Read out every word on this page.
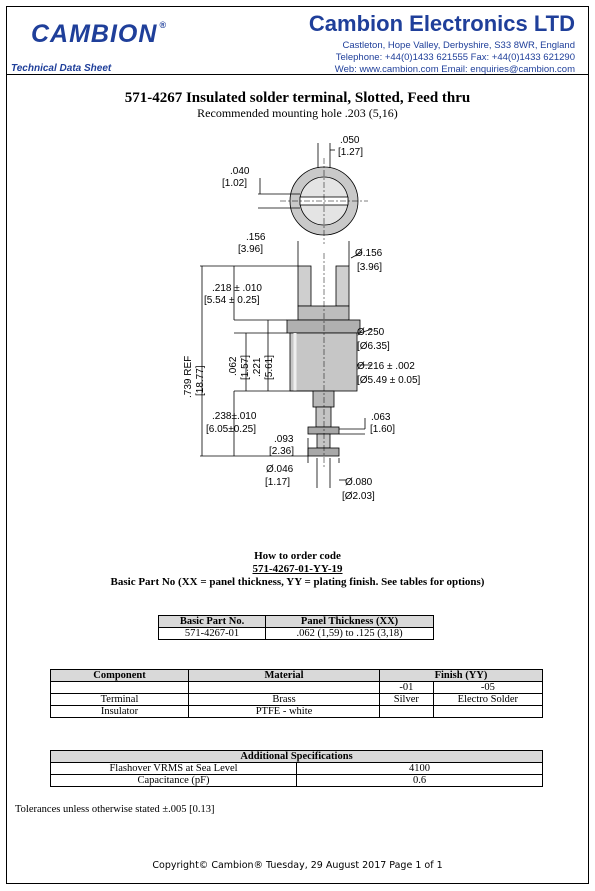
CAMBION ®
Technical Data Sheet
Cambion Electronics LTD
Castleton, Hope Valley, Derbyshire, S33 8WR, England
Telephone: +44(0)1433 621555 Fax: +44(0)1433 621290
Web: www.cambion.com Email: enquiries@cambion.com
571-4267 Insulated solder terminal, Slotted, Feed thru
Recommended mounting hole .203 (5,16)
.050
[1.27]
.040
[1.02]
.156
[3.96]	Ø.156
[3.96]
.218 ± .010
[5.54 ± 0.25]
Ø.250
[Ø6.35]
Ø.216 ± .002
[Ø5.49 ± 0.05]
.739 REF [18.77] .062 [1.57] .221 [5.61]
.238±.010
[6.05±0.25]
.063
[1.60]
.093
[2.36]
Ø.046
[1.17]	Ø.080
[Ø2.03]
How to order code
571-4267-01-YY-19
Basic Part No (XX = panel thickness, YY = plating finish. See tables for options)
Basic Part No.	Panel Thickness (XX)
571-4267-01	.062 (1,59) to .125 (3,18)
Component	Material	Finish (YY)	
		-01	-05
Terminal	Brass	Silver	Electro Solder
Insulator	PTFE - white		
Additional Specifications	
Flashover VRMS at Sea Level	4100
Capacitance (pF)	0.6
Tolerances unless otherwise stated ±.005 [0.13]
Copyright© Cambion® Tuesday, 29 August 2017 Page 1 of 1
